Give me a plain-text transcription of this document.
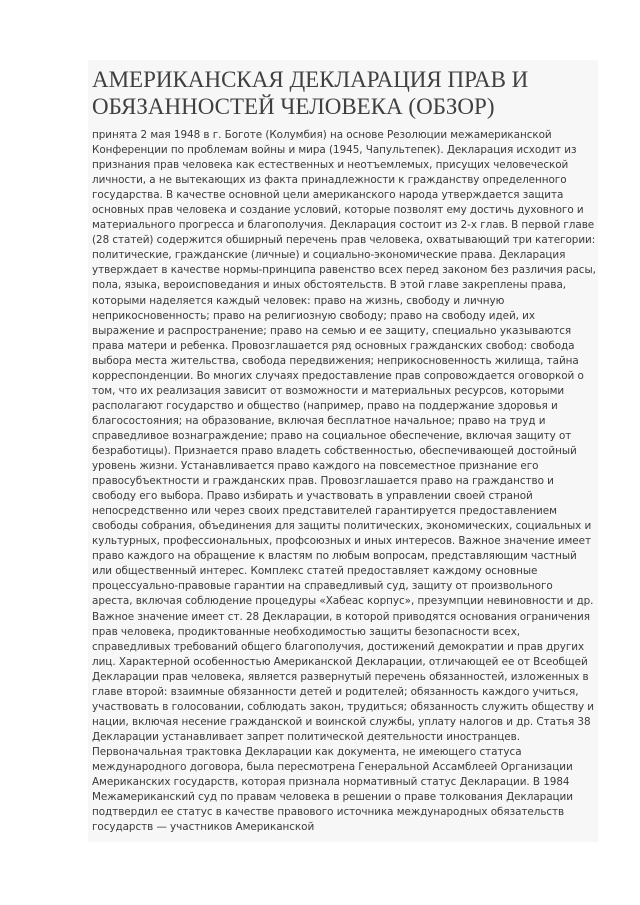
АМЕРИКАНСКАЯ ДЕКЛАРАЦИЯ ПРАВ И ОБЯЗАННОСТЕЙ ЧЕЛОВЕКА (ОБЗОР)

принята 2 мая 1948 в г. Боготе (Колумбия) на основе Резолюции межамериканской Конференции по проблемам войны и мира (1945, Чапультепек). Декларация исходит из признания прав человека как естественных и неотъемлемых, присущих человеческой личности, а не вытекающих из факта принадлежности к гражданству определенного государства. В качестве основной цели американского народа утверждается защита основных прав человека и создание условий, которые позволят ему достичь духовного и материального прогресса и благополучия. Декларация состоит из 2-х глав. В первой главе (28 статей) содержится обширный перечень прав человека, охватывающий три категории: политические, гражданские (личные) и социально-экономические права. Декларация утверждает в качестве нормы-принципа равенство всех перед законом без различия расы, пола, языка, вероисповедания и иных обстоятельств. В этой главе закреплены права, которыми наделяется каждый человек: право на жизнь, свободу и личную неприкосновенность; право на религиозную свободу; право на свободу идей, их выражение и распространение; право на семью и ее защиту, специально указываются права матери и ребенка. Провозглашается ряд основных гражданских свобод: свобода выбора места жительства, свобода передвижения; неприкосновенность жилища, тайна корреспонденции. Во многих случаях предоставление прав сопровождается оговоркой о том, что их реализация зависит от возможности и материальных ресурсов, которыми располагают государство и общество (например, право на поддержание здоровья и благосостояния; на образование, включая бесплатное начальное; право на труд и справедливое вознаграждение; право на социальное обеспечение, включая защиту от безработицы). Признается право владеть собственностью, обеспечивающей достойный уровень жизни. Устанавливается право каждого на повсеместное признание его правосубъектности и гражданских прав. Провозглашается право на гражданство и свободу его выбора. Право избирать и участвовать в управлении своей страной непосредственно или через своих представителей гарантируется предоставлением свободы собрания, объединения для защиты политических, экономических, социальных и культурных, профессиональных, профсоюзных и иных интересов. Важное значение имеет право каждого на обращение к властям по любым вопросам, представляющим частный или общественный интерес. Комплекс статей предоставляет каждому основные процессуально-правовые гарантии на справедливый суд, защиту от произвольного ареста, включая соблюдение процедуры «Хабеас корпус», презумпции невиновности и др. Важное значение имеет ст. 28 Декларации, в которой приводятся основания ограничения прав человека, продиктованные необходимостью защиты безопасности всех, справедливых требований общего благополучия, достижений демократии и прав других лиц. Характерной особенностью Американской Декларации, отличающей ее от Всеобщей Декларации прав человека, является развернутый перечень обязанностей, изложенных в главе второй: взаимные обязанности детей и родителей; обязанность каждого учиться, участвовать в голосовании, соблюдать закон, трудиться; обязанность служить обществу и нации, включая несение гражданской и воинской службы, уплату налогов и др. Статья 38 Декларации устанавливает запрет политической деятельности иностранцев. Первоначальная трактовка Декларации как документа, не имеющего статуса международного договора, была пересмотрена Генеральной Ассамблеей Организации Американских государств, которая признала нормативный статус Декларации. В 1984 Межамериканский суд по правам человека в решении о праве толкования Декларации подтвердил ее статус в качестве правового источника международных обязательств государств — участников Американской
